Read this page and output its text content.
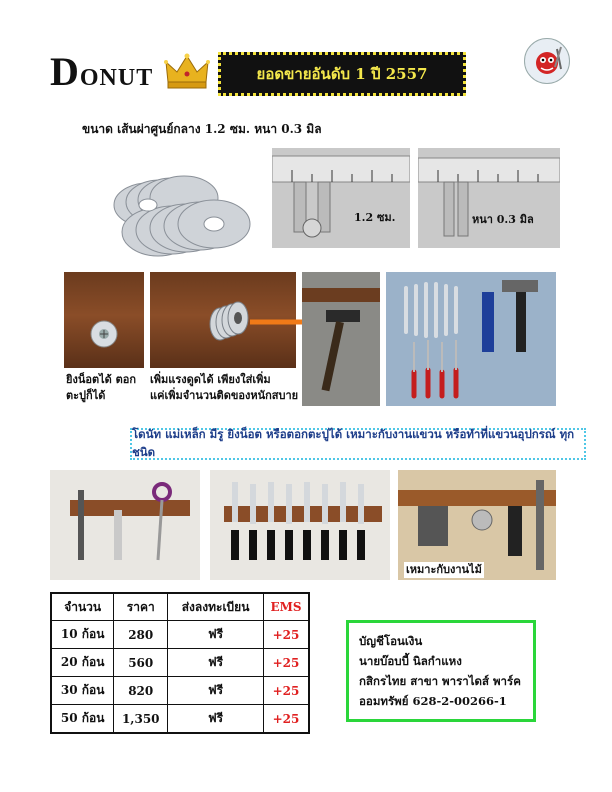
DONUT	ยอดขายอันดับ 1 ปี 2557
ขนาด เส้นผ่าศูนย์กลาง 1.2 ซม. หนา 0.3 มิล
1.2 ซม.	หนา 0.3 มิล
ยิงน็อตได้ ตอก
ตะปูก็ได้
เพิ่มแรงดูดได้ เพียงใส่เพิ่ม
แค่เพิ่มจำนวนติดของหนักสบาย
โดนัท แม่เหล็ก มีรู ยิงน็อต หรือตอกตะปูได้ เหมาะกับงานแขวน หรือทำที่แขวนอุปกรณ์ ทุกชนิด
เหมาะกับงานไม้
จำนวน	ราคา	ส่งลงทะเบียน	EMS
10 ก้อน	280	ฟรี	+25
20 ก้อน	560	ฟรี	+25
30 ก้อน	820	ฟรี	+25
50 ก้อน	1,350	ฟรี	+25
บัญชีโอนเงิน
นายบ๊อบบี้ นิลกำแหง
กสิกรไทย สาขา พาราไดส์ พาร์ค
ออมทรัพย์ 628-2-00266-1
